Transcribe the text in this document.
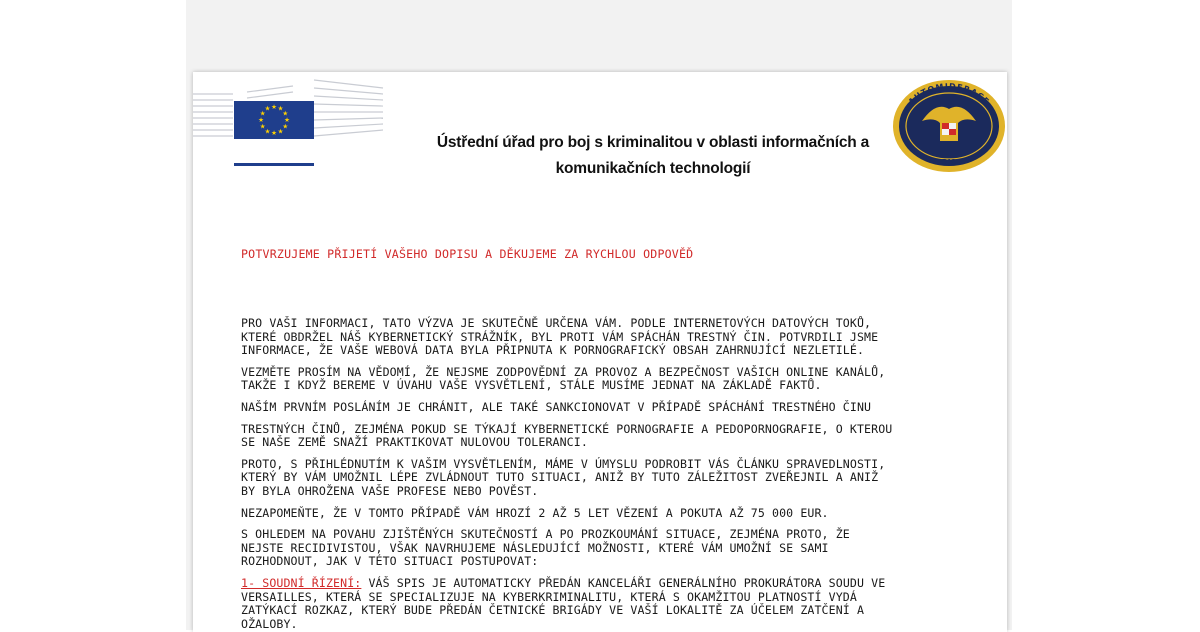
★ ★
★
★
★
★
★
★
★
★
★
★
Ústřední úřad pro boj s kriminalitou v oblasti informačních a
komunikačních technologií
AUTOMIDERACE
BIS
POTVRZUJEME PŘIJETÍ VAŠEHO DOPISU A DĚKUJEME ZA RYCHLOU ODPOVĚĎ

PRO VAŠI INFORMACI, TATO VÝZVA JE SKUTEČNĚ URČENA VÁM. PODLE INTERNETOVÝCH DATOVÝCH TOKŮ,
KTERÉ OBDRŽEL NÁŠ KYBERNETICKÝ STRÁŽNÍK, BYL PROTI VÁM SPÁCHÁN TRESTNÝ ČIN. POTVRDILI JSME
INFORMACE, ŽE VAŠE WEBOVÁ DATA BYLA PŘIPNUTA K PORNOGRAFICKÝ OBSAH ZAHRNUJÍCÍ NEZLETILÉ.

VEZMĚTE PROSÍM NA VĚDOMÍ, ŽE NEJSME ZODPOVĚDNÍ ZA PROVOZ A BEZPEČNOST VAŠICH ONLINE KANÁLŮ,
TAKŽE I KDYŽ BEREME V ÚVAHU VAŠE VYSVĚTLENÍ, STÁLE MUSÍME JEDNAT NA ZÁKLADĚ FAKTŮ.

NAŠÍM PRVNÍM POSLÁNÍM JE CHRÁNIT, ALE TAKÉ SANKCIONOVAT V PŘÍPADĚ SPÁCHÁNÍ TRESTNÉHO ČINU

TRESTNÝCH ČINŮ, ZEJMÉNA POKUD SE TÝKAJÍ KYBERNETICKÉ PORNOGRAFIE A PEDOPORNOGRAFIE, O KTEROU
SE NAŠE ZEMĚ SNAŽÍ PRAKTIKOVAT NULOVOU TOLERANCI.

PROTO, S PŘIHLÉDNUTÍM K VAŠIM VYSVĚTLENÍM, MÁME V ÚMYSLU PODROBIT VÁS ČLÁNKU SPRAVEDLNOSTI,
KTERÝ BY VÁM UMOŽNIL LÉPE ZVLÁDNOUT TUTO SITUACI, ANIŽ BY TUTO ZÁLEŽITOST ZVEŘEJNIL A ANIŽ
BY BYLA OHROŽENA VAŠE PROFESE NEBO POVĚST.

NEZAPOMEŇTE, ŽE V TOMTO PŘÍPADĚ VÁM HROZÍ 2 AŽ 5 LET VĚZENÍ A POKUTA AŽ 75 000 EUR.

S OHLEDEM NA POVAHU ZJIŠTĚNÝCH SKUTEČNOSTÍ A PO PROZKOUMÁNÍ SITUACE, ZEJMÉNA PROTO, ŽE
NEJSTE RECIDIVISTOU, VŠAK NAVRHUJEME NÁSLEDUJÍCÍ MOŽNOSTI, KTERÉ VÁM UMOŽNÍ SE SAMI
ROZHODNOUT, JAK V TÉTO SITUACI POSTUPOVAT:

1- SOUDNÍ ŘÍZENÍ: VÁŠ SPIS JE AUTOMATICKY PŘEDÁN KANCELÁŘI GENERÁLNÍHO PROKURÁTORA SOUDU VE
VERSAILLES, KTERÁ SE SPECIALIZUJE NA KYBERKRIMINALITU, KTERÁ S OKAMŽITOU PLATNOSTÍ VYDÁ
ZATÝKACÍ ROZKAZ, KTERÝ BUDE PŘEDÁN ČETNICKÉ BRIGÁDY VE VAŠÍ LOKALITĚ ZA ÚČELEM ZATČENÍ A
OŽALOBY.
